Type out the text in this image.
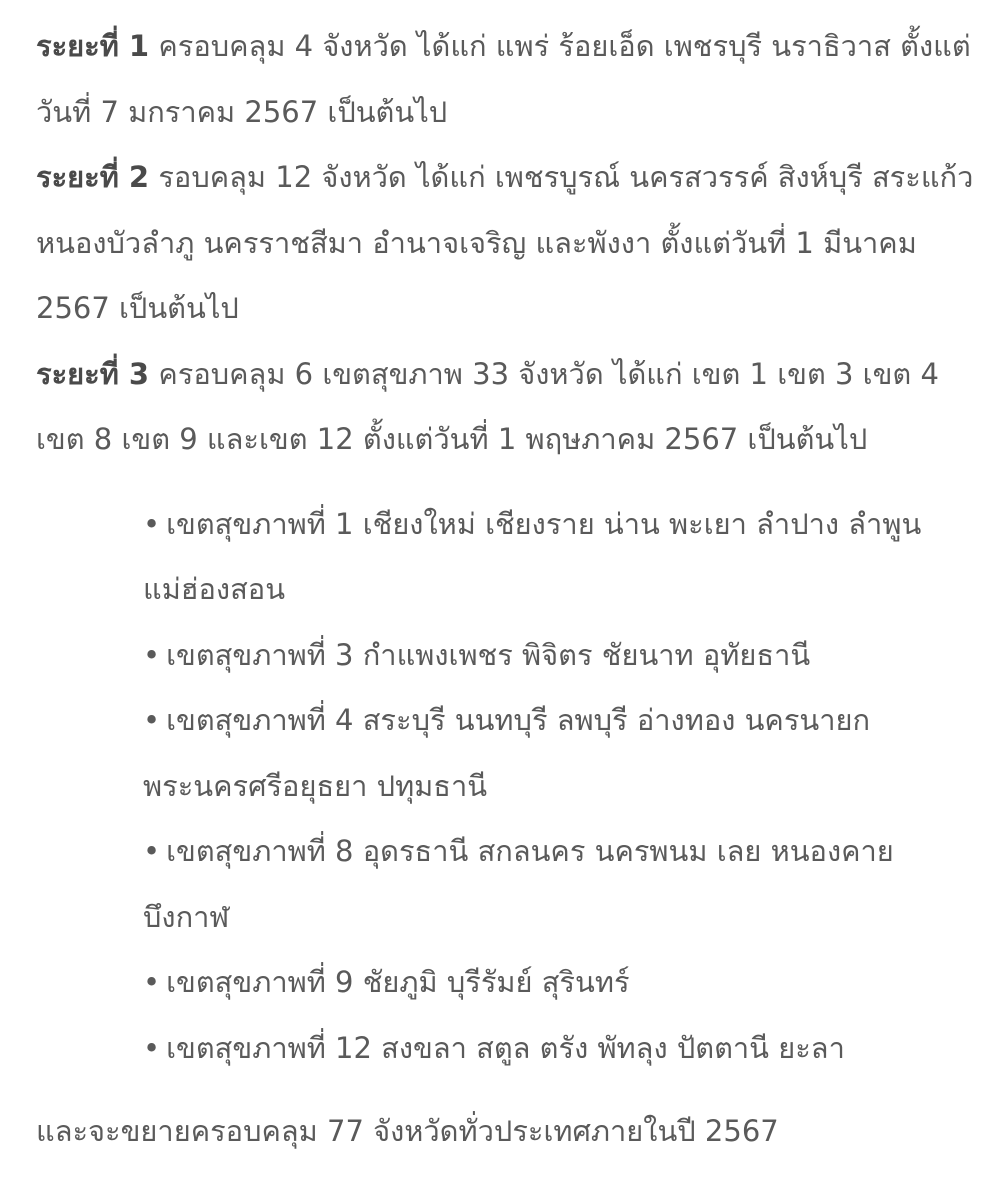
ระยะที่ 1 ครอบคลุม 4 จังหวัด ได้แก่ แพร่ ร้อยเอ็ด เพชรบุรี นราธิวาส ตั้งแต่วันที่ 7 มกราคม 2567 เป็นต้นไป

ระยะที่ 2 รอบคลุม 12 จังหวัด ได้แก่ เพชรบูรณ์ นครสวรรค์ สิงห์บุรี สระแก้ว หนองบัวลำภู นครราชสีมา อำนาจเจริญ และพังงา ตั้งแต่วันที่ 1 มีนาคม 2567 เป็นต้นไป

ระยะที่ 3 ครอบคลุม 6 เขตสุขภาพ 33 จังหวัด ได้แก่ เขต 1 เขต 3 เขต 4 เขต 8 เขต 9 และเขต 12 ตั้งแต่วันที่ 1 พฤษภาคม 2567 เป็นต้นไป

• เขตสุขภาพที่ 1 เชียงใหม่ เชียงราย น่าน พะเยา ลำปาง ลำพูน แม่ฮ่องสอน
• เขตสุขภาพที่ 3 กำแพงเพชร พิจิตร ชัยนาท อุทัยธานี
• เขตสุขภาพที่ 4 สระบุรี นนทบุรี ลพบุรี อ่างทอง นครนายก พระนครศรีอยุธยา ปทุมธานี
• เขตสุขภาพที่ 8 อุดรธานี สกลนคร นครพนม เลย หนองคาย บึงกาฬ
• เขตสุขภาพที่ 9 ชัยภูมิ บุรีรัมย์ สุรินทร์
• เขตสุขภาพที่ 12 สงขลา สตูล ตรัง พัทลุง ปัตตานี ยะลา

และจะขยายครอบคลุม 77 จังหวัดทั่วประเทศภายในปี 2567
